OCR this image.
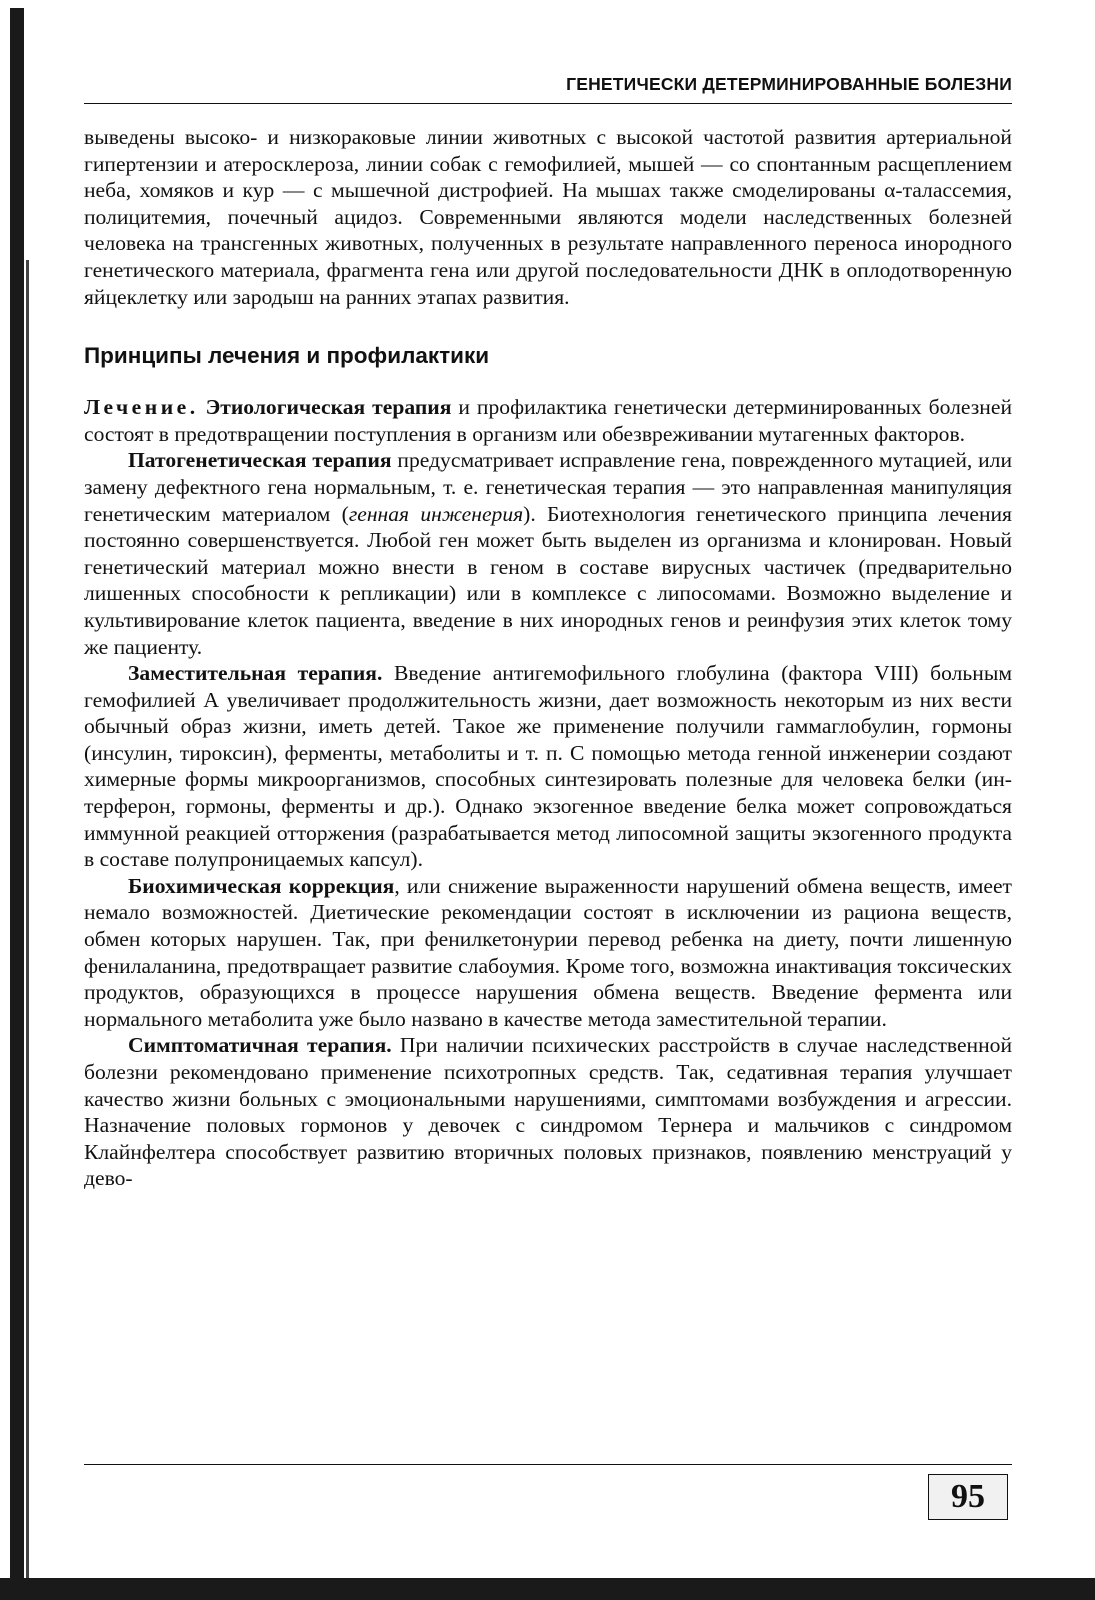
ГЕНЕТИЧЕСКИ ДЕТЕРМИНИРОВАННЫЕ БОЛЕЗНИ

выведены высоко- и низкораковые линии животных с высокой частотой развития артериальной гипертензии и атеросклероза, линии собак с гемофилией, мышей — со спонтанным расщеплением неба, хомяков и кур — с мышечной дистрофией. На мышах также смоделированы α-талассемия, полицитемия, почечный ацидоз. Современными являются модели наследственных болезней человека на трансгенных животных, полученных в результате направленного переноса инородного генетического материала, фрагмента гена или другой последовательности ДНК в оплодотворенную яйцеклетку или зародыш на ранних этапах развития.

Принципы лечения и профилактики

Лечение. Этиологическая терапия и профилактика генетически детерминированных болезней состоят в предотвращении поступления в организм или обезвреживании мутагенных факторов.

Патогенетическая терапия предусматривает исправление гена, поврежденного мутацией, или замену дефектного гена нормальным, т. е. генетическая терапия — это направленная манипуляция генетическим материалом (генная инженерия). Биотехнология генетического принципа лечения постоянно совершенствуется. Любой ген может быть выделен из организма и клонирован. Новый генетический материал можно внести в геном в составе вирусных частичек (предварительно лишенных способности к репликации) или в комплексе с липосомами. Возможно выделение и культивирование клеток пациента, введение в них инородных генов и реинфузия этих клеток тому же пациенту.

Заместительная терапия. Введение антигемофильного глобулина (фактора VIII) больным гемофилией А увеличивает продолжительность жизни, дает возможность некоторым из них вести обычный образ жизни, иметь детей. Такое же применение получили гаммаглобулин, гормоны (инсулин, тироксин), ферменты, метаболиты и т. п. С помощью метода генной инженерии создают химерные формы микроорганизмов, способных синтезировать полезные для человека белки (интерферон, гормоны, ферменты и др.). Однако экзогенное введение белка может сопровождаться иммунной реакцией отторжения (разрабатывается метод липосомной защиты экзогенного продукта в составе полупроницаемых капсул).

Биохимическая коррекция, или снижение выраженности нарушений обмена веществ, имеет немало возможностей. Диетические рекомендации состоят в исключении из рациона веществ, обмен которых нарушен. Так, при фенилкетонурии перевод ребенка на диету, почти лишенную фенилаланина, предотвращает развитие слабоумия. Кроме того, возможна инактивация токсических продуктов, образующихся в процессе нарушения обмена веществ. Введение фермента или нормального метаболита уже было названо в качестве метода заместительной терапии.

Симптоматичная терапия. При наличии психических расстройств в случае наследственной болезни рекомендовано применение психотропных средств. Так, седативная терапия улучшает качество жизни больных с эмоциональными нарушениями, симптомами возбуждения и агрессии. Назначение половых гормонов у девочек с синдромом Тернера и мальчиков с синдромом Клайнфелтера способствует развитию вторичных половых признаков, появлению менструаций у дево-

95
